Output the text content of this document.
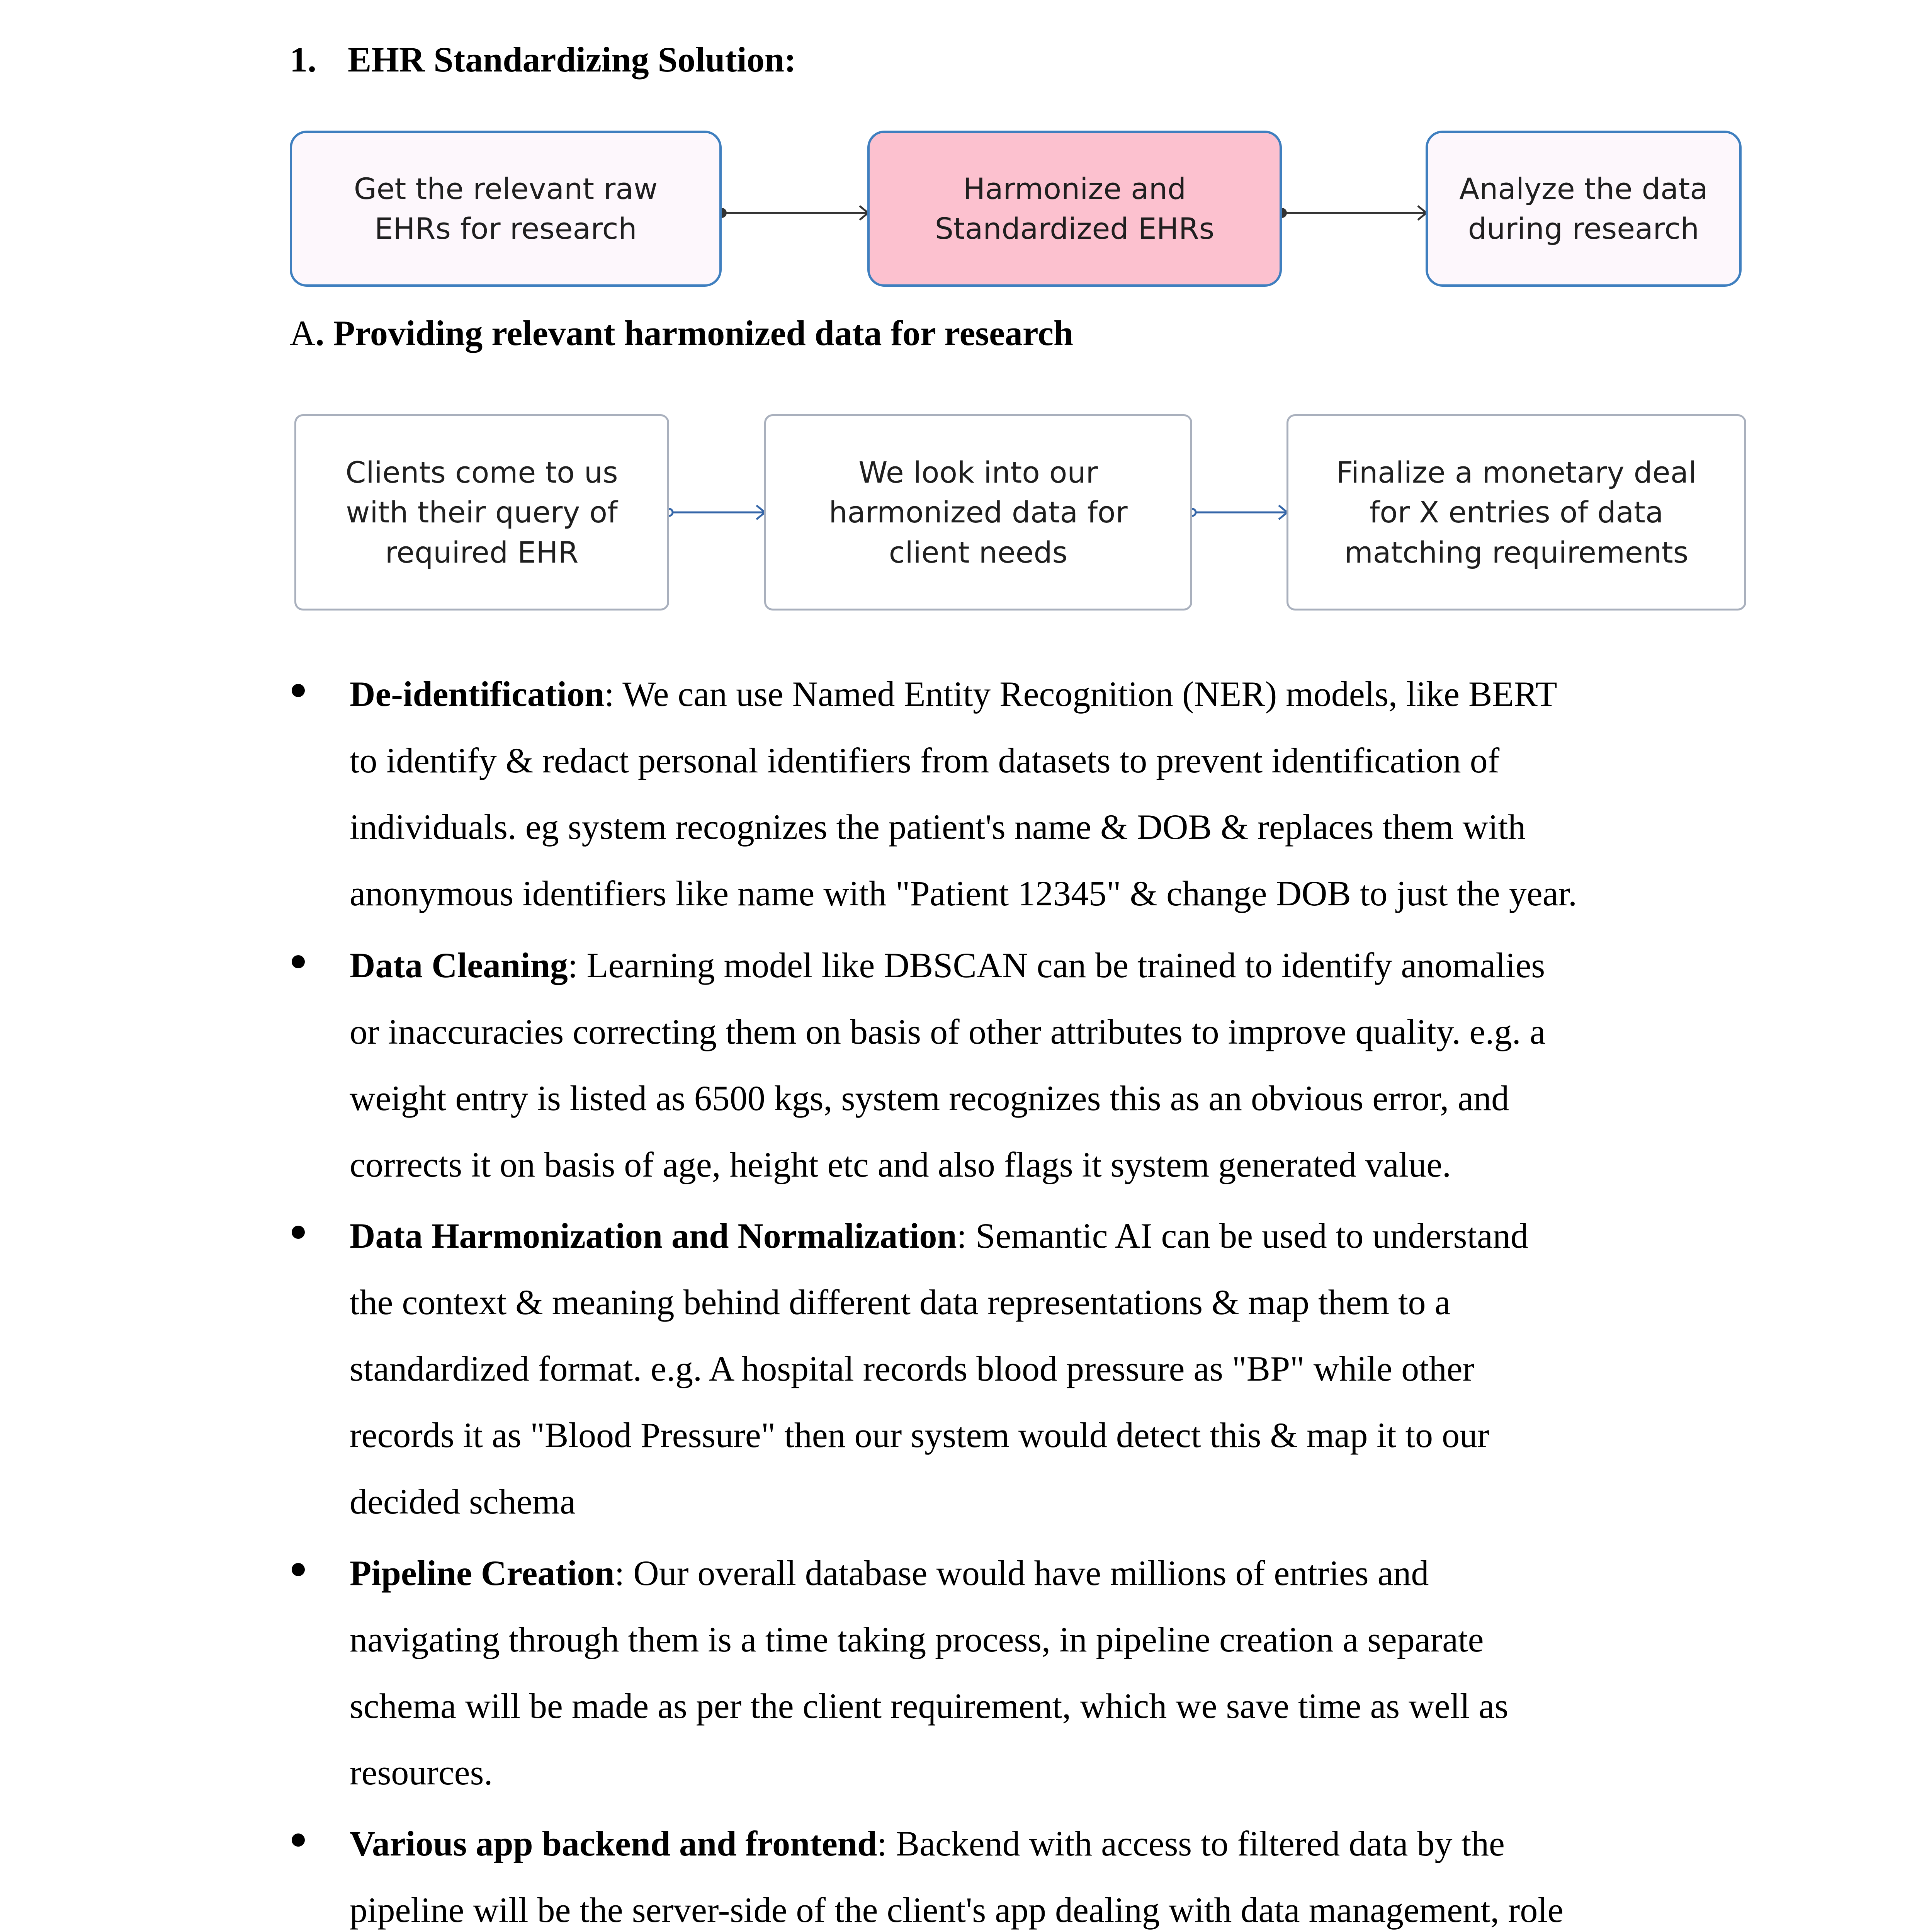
1. EHR Standardizing Solution:
Get the relevant raw
EHRs for research
Harmonize and
Standardized EHRs
Analyze the data
during research
A. Providing relevant harmonized data for research
Clients come to us
with their query of
required EHR
We look into our
harmonized data for
client needs
Finalize a monetary deal
for X entries of data
matching requirements
De-identification: We can use Named Entity Recognition (NER) models, like BERT
to identify & redact personal identifiers from datasets to prevent identification of
individuals. eg system recognizes the patient's name & DOB & replaces them with
anonymous identifiers like name with "Patient 12345" & change DOB to just the year.
Data Cleaning: Learning model like DBSCAN can be trained to identify anomalies
or inaccuracies correcting them on basis of other attributes to improve quality. e.g. a
weight entry is listed as 6500 kgs, system recognizes this as an obvious error, and
corrects it on basis of age, height etc and also flags it system generated value.
Data Harmonization and Normalization: Semantic AI can be used to understand
the context & meaning behind different data representations & map them to a
standardized format. e.g. A hospital records blood pressure as "BP" while other
records it as "Blood Pressure" then our system would detect this & map it to our
decided schema
Pipeline Creation: Our overall database would have millions of entries and
navigating through them is a time taking process, in pipeline creation a separate
schema will be made as per the client requirement, which we save time as well as
resources.
Various app backend and frontend: Backend with access to filtered data by the
pipeline will be the server-side of the client's app dealing with data management, role
